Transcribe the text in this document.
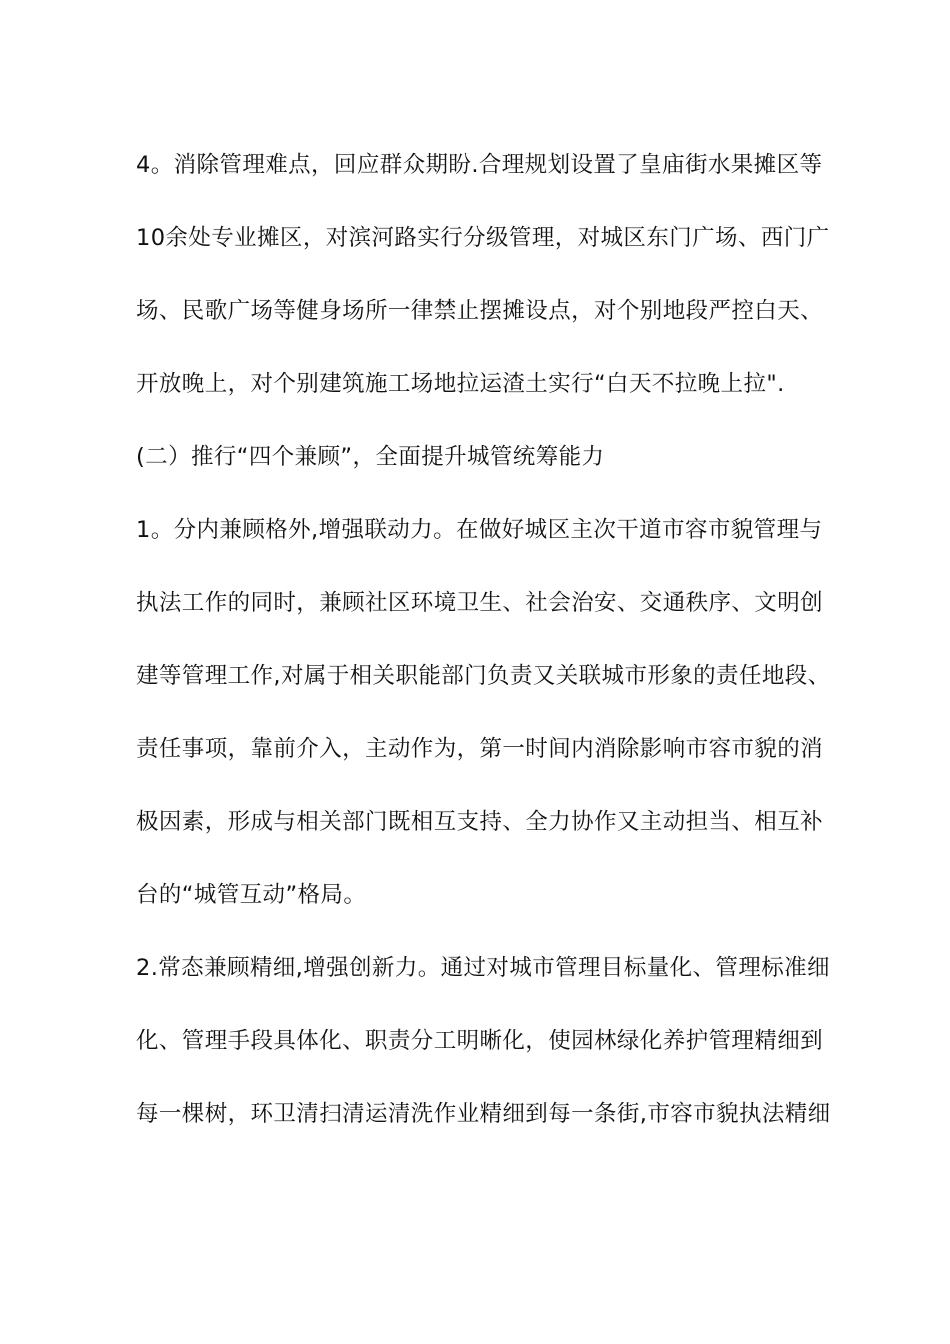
4。消除管理难点，回应群众期盼.合理规划设置了皇庙街水果摊区等
10余处专业摊区，对滨河路实行分级管理，对城区东门广场、西门广
场、民歌广场等健身场所一律禁止摆摊设点，对个别地段严控白天、
开放晚上，对个别建筑施工场地拉运渣土实行“白天不拉晚上拉".
(二）推行“四个兼顾”，全面提升城管统筹能力
1。分内兼顾格外,增强联动力。在做好城区主次干道市容市貌管理与
执法工作的同时，兼顾社区环境卫生、社会治安、交通秩序、文明创
建等管理工作,对属于相关职能部门负责又关联城市形象的责任地段、
责任事项，靠前介入，主动作为，第一时间内消除影响市容市貌的消
极因素，形成与相关部门既相互支持、全力协作又主动担当、相互补
台的“城管互动”格局。
2.常态兼顾精细,增强创新力。通过对城市管理目标量化、管理标准细
化、管理手段具体化、职责分工明晰化，使园林绿化养护管理精细到
每一棵树，环卫清扫清运清洗作业精细到每一条街,市容市貌执法精细
